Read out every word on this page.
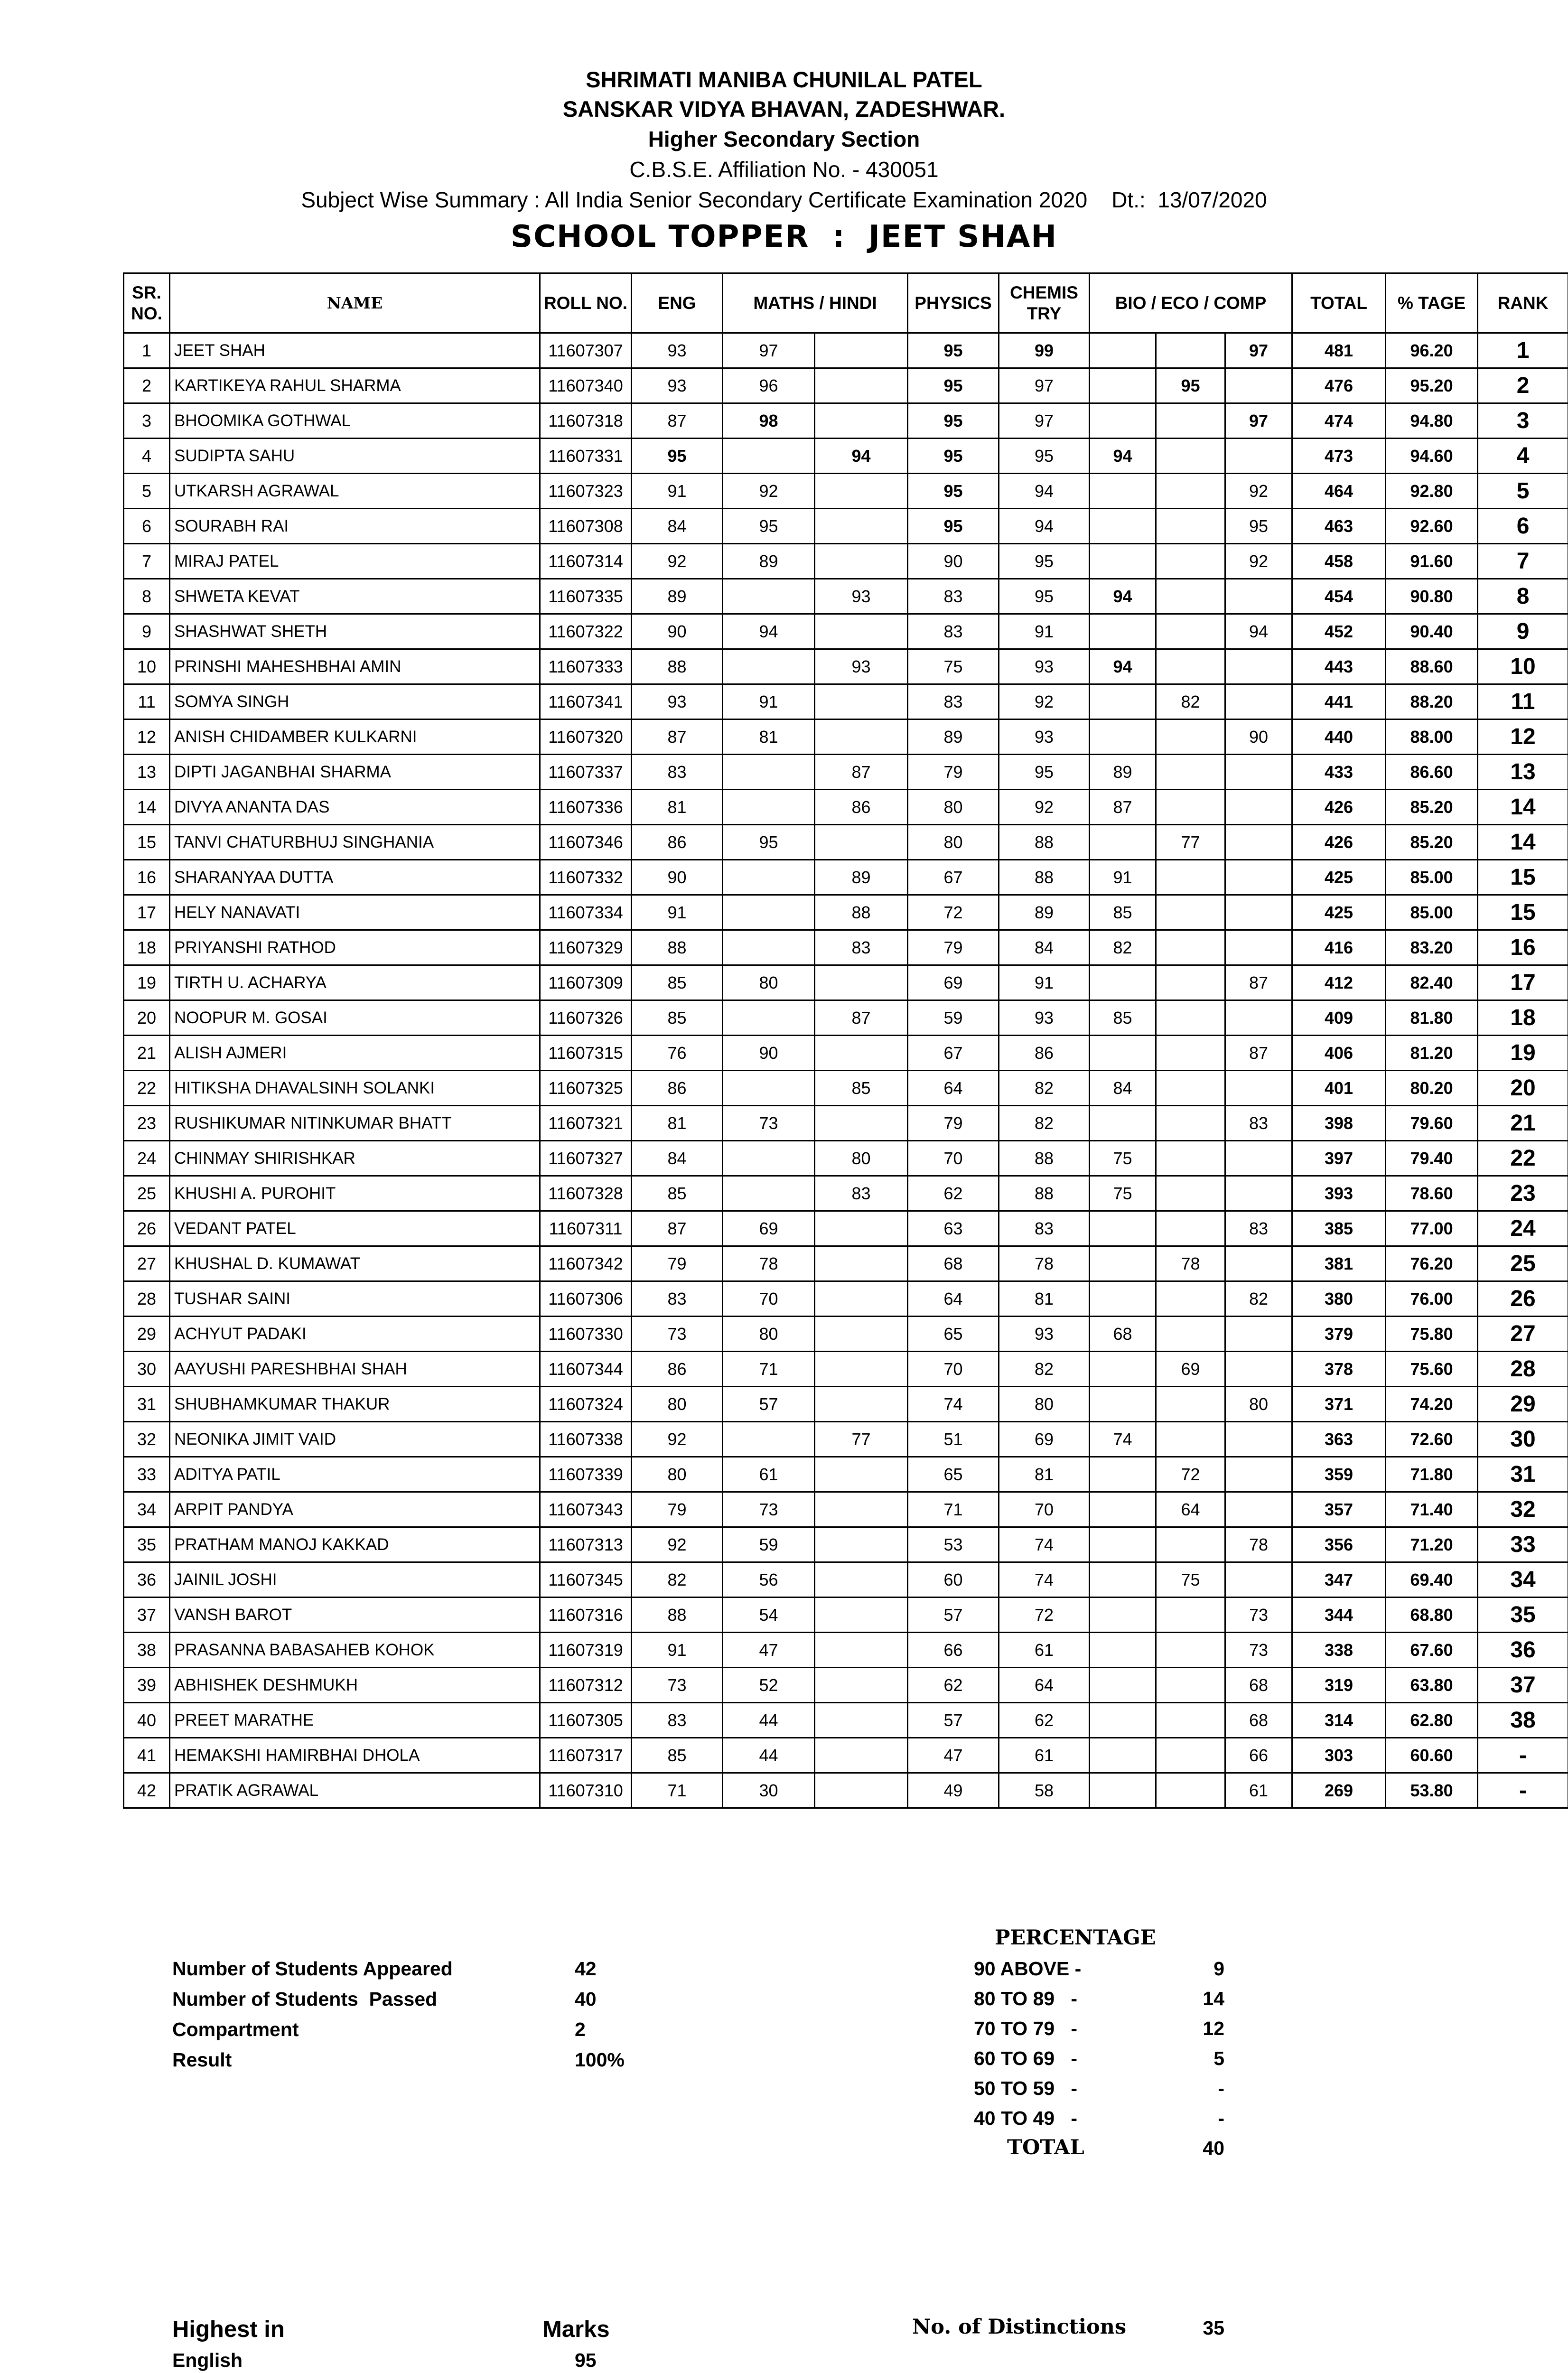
SHRIMATI MANIBA CHUNILAL PATEL
SANSKAR VIDYA BHAVAN, ZADESHWAR.
Higher Secondary Section
C.B.S.E. Affiliation No. - 430051
Subject Wise Summary : All India Senior Secondary Certificate Examination 2020    Dt.:  13/07/2020
SCHOOL TOPPER  :  JEET SHAH
SR. NO.	NAME	ROLL NO.	ENG	MATHS / HINDI		PHYSICS	CHEMIS TRY	BIO / ECO / COMP			TOTAL	% TAGE	RANK
1	JEET SHAH	11607307	93	97		95	99			97	481	96.20	1
2	KARTIKEYA RAHUL SHARMA	11607340	93	96		95	97		95		476	95.20	2
3	BHOOMIKA GOTHWAL	11607318	87	98		95	97			97	474	94.80	3
4	SUDIPTA SAHU	11607331	95		94	95	95	94			473	94.60	4
5	UTKARSH AGRAWAL	11607323	91	92		95	94			92	464	92.80	5
6	SOURABH RAI	11607308	84	95		95	94			95	463	92.60	6
7	MIRAJ PATEL	11607314	92	89		90	95			92	458	91.60	7
8	SHWETA KEVAT	11607335	89		93	83	95	94			454	90.80	8
9	SHASHWAT SHETH	11607322	90	94		83	91			94	452	90.40	9
10	PRINSHI MAHESHBHAI AMIN	11607333	88		93	75	93	94			443	88.60	10
11	SOMYA SINGH	11607341	93	91		83	92		82		441	88.20	11
12	ANISH CHIDAMBER KULKARNI	11607320	87	81		89	93			90	440	88.00	12
13	DIPTI JAGANBHAI SHARMA	11607337	83		87	79	95	89			433	86.60	13
14	DIVYA ANANTA DAS	11607336	81		86	80	92	87			426	85.20	14
15	TANVI CHATURBHUJ SINGHANIA	11607346	86	95		80	88		77		426	85.20	14
16	SHARANYAA DUTTA	11607332	90		89	67	88	91			425	85.00	15
17	HELY NANAVATI	11607334	91		88	72	89	85			425	85.00	15
18	PRIYANSHI RATHOD	11607329	88		83	79	84	82			416	83.20	16
19	TIRTH U. ACHARYA	11607309	85	80		69	91			87	412	82.40	17
20	NOOPUR M. GOSAI	11607326	85		87	59	93	85			409	81.80	18
21	ALISH AJMERI	11607315	76	90		67	86			87	406	81.20	19
22	HITIKSHA DHAVALSINH SOLANKI	11607325	86		85	64	82	84			401	80.20	20
23	RUSHIKUMAR NITINKUMAR BHATT	11607321	81	73		79	82			83	398	79.60	21
24	CHINMAY SHIRISHKAR	11607327	84		80	70	88	75			397	79.40	22
25	KHUSHI A. PUROHIT	11607328	85		83	62	88	75			393	78.60	23
26	VEDANT PATEL	11607311	87	69		63	83			83	385	77.00	24
27	KHUSHAL D. KUMAWAT	11607342	79	78		68	78		78		381	76.20	25
28	TUSHAR SAINI	11607306	83	70		64	81			82	380	76.00	26
29	ACHYUT PADAKI	11607330	73	80		65	93	68			379	75.80	27
30	AAYUSHI PARESHBHAI SHAH	11607344	86	71		70	82		69		378	75.60	28
31	SHUBHAMKUMAR THAKUR	11607324	80	57		74	80			80	371	74.20	29
32	NEONIKA JIMIT VAID	11607338	92		77	51	69	74			363	72.60	30
33	ADITYA PATIL	11607339	80	61		65	81		72		359	71.80	31
34	ARPIT PANDYA	11607343	79	73		71	70		64		357	71.40	32
35	PRATHAM MANOJ KAKKAD	11607313	92	59		53	74			78	356	71.20	33
36	JAINIL JOSHI	11607345	82	56		60	74		75		347	69.40	34
37	VANSH BAROT	11607316	88	54		57	72			73	344	68.80	35
38	PRASANNA BABASAHEB KOHOK	11607319	91	47		66	61			73	338	67.60	36
39	ABHISHEK DESHMUKH	11607312	73	52		62	64			68	319	63.80	37
40	PREET MARATHE	11607305	83	44		57	62			68	314	62.80	38
41	HEMAKSHI HAMIRBHAI DHOLA	11607317	85	44		47	61			66	303	60.60	-
42	PRATIK AGRAWAL	11607310	71	30		49	58			61	269	53.80	-
Number of Students Appeared	42
Number of Students  Passed	40
Compartment	2
Result	100%
PERCENTAGE
90 ABOVE -	9
80 TO 89   -	14
70 TO 79   -	12
60 TO 69   -	5
50 TO 59   -	-
40 TO 49   -	-
TOTAL	40
Highest in	Marks
English	95
No. of Distinctions	35
